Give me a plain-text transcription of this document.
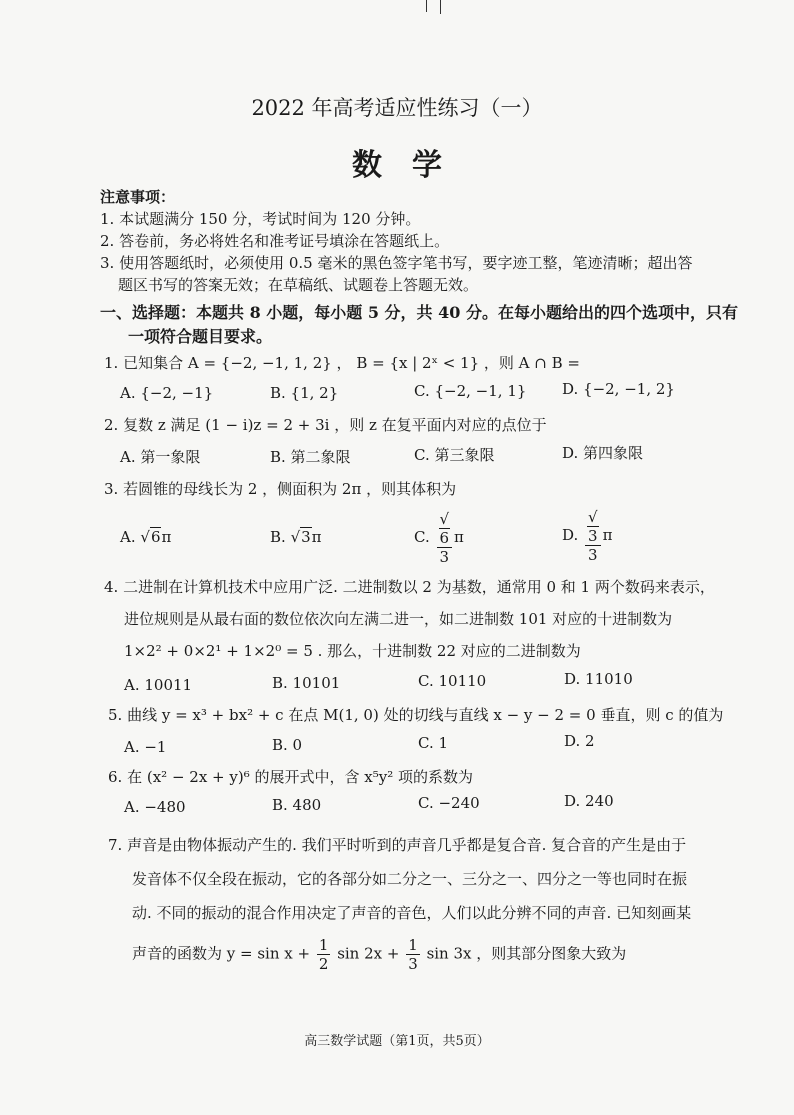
2022 年高考适应性练习（一）
数学
注意事项：
1. 本试题满分 150 分，考试时间为 120 分钟。
2. 答卷前，务必将姓名和准考证号填涂在答题纸上。
3. 使用答题纸时，必须使用 0.5 毫米的黑色签字笔书写，要字迹工整，笔迹清晰；超出答
题区书写的答案无效；在草稿纸、试题卷上答题无效。
一、选择题：本题共 8 小题，每小题 5 分，共 40 分。在每小题给出的四个选项中，只有
一项符合题目要求。
1. 已知集合 A = {−2, −1, 1, 2} ， B = {x | 2ˣ < 1} ，则 A ∩ B =
A. {−2, −1}	B. {1, 2}	C. {−2, −1, 1} D. {−2, −1, 2}
2. 复数 z 满足 (1 − i)z = 2 + 3i ，则 z 在复平面内对应的点位于
A. 第一象限	B. 第二象限	C. 第三象限	D. 第四象限
3. 若圆锥的母线长为 2 ，侧面积为 2π ，则其体积为
A. √6π	B. √3π	C. √
6
3 π	D. √
3
3 π
4. 二进制在计算机技术中应用广泛. 二进制数以 2 为基数，通常用 0 和 1 两个数码来表示，
进位规则是从最右面的数位依次向左满二进一，如二进制数 101 对应的十进制数为
1×2² + 0×2¹ + 1×2⁰ = 5 . 那么，十进制数 22 对应的二进制数为
A. 10011	B. 10101	C. 10110	D. 11010
5. 曲线 y = x³ + bx² + c 在点 M(1, 0) 处的切线与直线 x − y − 2 = 0 垂直，则 c 的值为
A. −1	B. 0	C. 1	D. 2
6. 在 (x² − 2x + y)⁶ 的展开式中，含 x⁵y² 项的系数为
A. −480	B. 480	C. −240	D. 240
7. 声音是由物体振动产生的. 我们平时听到的声音几乎都是复合音. 复合音的产生是由于
发音体不仅全段在振动，它的各部分如二分之一、三分之一、四分之一等也同时在振
动. 不同的振动的混合作用决定了声音的音色，人们以此分辨不同的声音. 已知刻画某
声音的函数为 $y = \sin x + \frac{1}{2}$ $\sin 2x + \frac{1}{3}$ sin 3x ，则其部分图象大致为
高三数学试题（第1页，共5页）
